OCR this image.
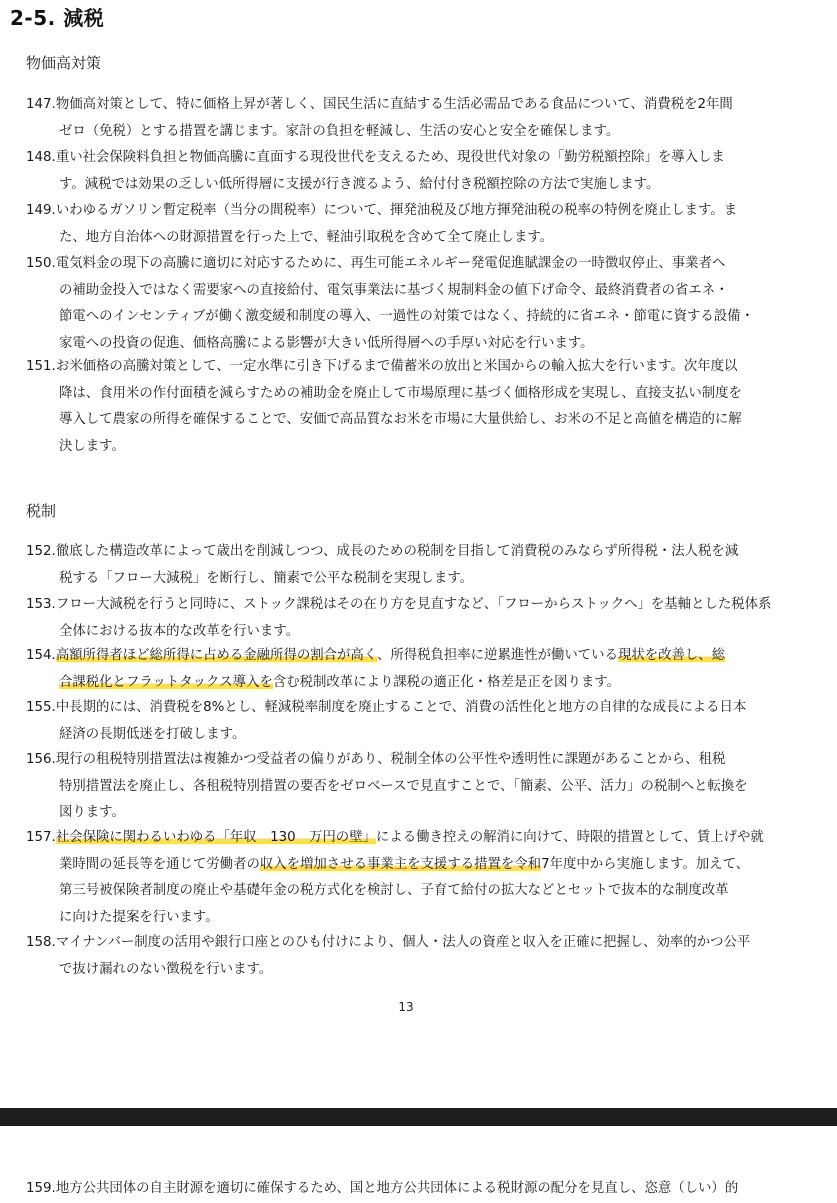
2-5. 減税
物価高対策
税制
147.物価高対策として、特に価格上昇が著しく、国民生活に直結する生活必需品である食品について、消費税を2年間
ゼロ（免税）とする措置を講じます。家計の負担を軽減し、生活の安心と安全を確保します。
148.重い社会保険料負担と物価高騰に直面する現役世代を支えるため、現役世代対象の「勤労税額控除」を導入しま
す。減税では効果の乏しい低所得層に支援が行き渡るよう、給付付き税額控除の方法で実施します。
149.いわゆるガソリン暫定税率（当分の間税率）について、揮発油税及び地方揮発油税の税率の特例を廃止します。ま
た、地方自治体への財源措置を行った上で、軽油引取税を含めて全て廃止します。
150.電気料金の現下の高騰に適切に対応するために、再生可能エネルギー発電促進賦課金の一時徴収停止、事業者へ
の補助金投入ではなく需要家への直接給付、電気事業法に基づく規制料金の値下げ命令、最終消費者の省エネ・
節電へのインセンティブが働く激変緩和制度の導入、一過性の対策ではなく、持続的に省エネ・節電に資する設備・
家電への投資の促進、価格高騰による影響が大きい低所得層への手厚い対応を行います。
151.お米価格の高騰対策として、一定水準に引き下げるまで備蓄米の放出と米国からの輸入拡大を行います。次年度以
降は、食用米の作付面積を減らすための補助金を廃止して市場原理に基づく価格形成を実現し、直接支払い制度を
導入して農家の所得を確保することで、安価で高品質なお米を市場に大量供給し、お米の不足と高値を構造的に解
決します。
152.徹底した構造改革によって歳出を削減しつつ、成長のための税制を目指して消費税のみならず所得税・法人税を減
税する「フロー大減税」を断行し、簡素で公平な税制を実現します。
153.フロー大減税を行うと同時に、ストック課税はその在り方を見直すなど、「フローからストックへ」を基軸とした税体系
全体における抜本的な改革を行います。
154.高額所得者ほど総所得に占める金融所得の割合が高く、所得税負担率に逆累進性が働いている現状を改善し、総
合課税化とフラットタックス導入を含む税制改革により課税の適正化・格差是正を図ります。
155.中長期的には、消費税を8%とし、軽減税率制度を廃止することで、消費の活性化と地方の自律的な成長による日本
経済の長期低迷を打破します。
156.現行の租税特別措置法は複雑かつ受益者の偏りがあり、税制全体の公平性や透明性に課題があることから、租税
特別措置法を廃止し、各租税特別措置の要否をゼロベースで見直すことで、「簡素、公平、活力」の税制へと転換を
図ります。
157.社会保険に関わるいわゆる「年収　130　万円の壁」による働き控えの解消に向けて、時限的措置として、賃上げや就
業時間の延長等を通じて労働者の収入を増加させる事業主を支援する措置を令和7年度中から実施します。加えて、
第三号被保険者制度の廃止や基礎年金の税方式化を検討し、子育て給付の拡大などとセットで抜本的な制度改革
に向けた提案を行います。
158.マイナンバー制度の活用や銀行口座とのひも付けにより、個人・法人の資産と収入を正確に把握し、効率的かつ公平
で抜け漏れのない徴税を行います。
13
159.地方公共団体の自主財源を適切に確保するため、国と地方公共団体による税財源の配分を見直し、恣意（しい）的
